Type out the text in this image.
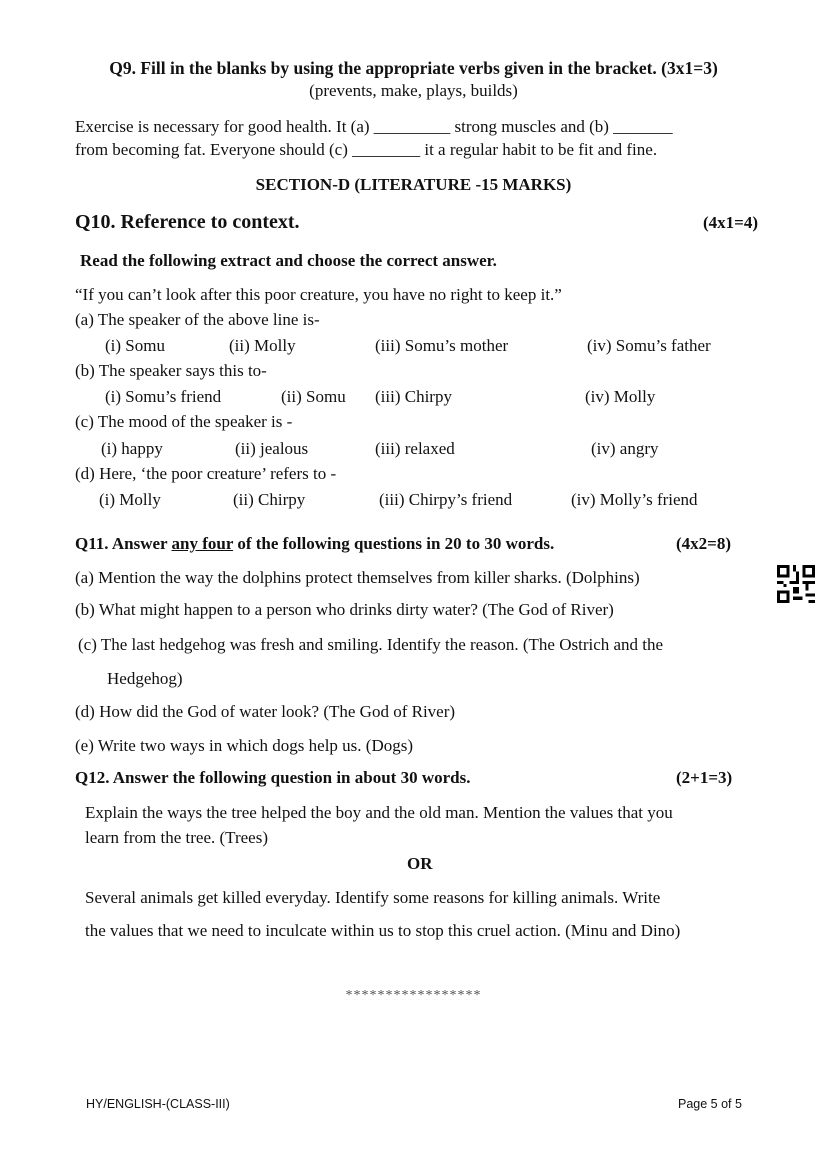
Q9. Fill in the blanks by using the appropriate verbs given in the bracket. (3x1=3)
(prevents, make, plays, builds)
Exercise is necessary for good health. It (a) _________ strong muscles and (b) _______
from becoming fat. Everyone should (c) ________ it a regular habit to be fit and fine.
SECTION-D (LITERATURE -15 MARKS)
Q10. Reference to context.	(4x1=4)
Read the following extract and choose the correct answer.
“If you can’t look after this poor creature, you have no right to keep it.”
(a) The speaker of the above line is-
(i) Somu	(ii) Molly	(iii) Somu’s mother	(iv) Somu’s father
(b) The speaker says this to-
(i) Somu’s friend	(ii) Somu (iii) Chirpy	(iv) Molly
(c) The mood of the speaker is -
(i) happy	(ii) jealous	(iii) relaxed	(iv) angry
(d) Here, ‘the poor creature’ refers to -
(i) Molly	(ii) Chirpy	(iii) Chirpy’s friend	(iv) Molly’s friend
Q11. Answer any four of the following questions in 20 to 30 words.	(4x2=8)
(a) Mention the way the dolphins protect themselves from killer sharks. (Dolphins)
(b) What might happen to a person who drinks dirty water? (The God of River)
(c) The last hedgehog was fresh and smiling. Identify the reason. (The Ostrich and the
Hedgehog)
(d) How did the God of water look? (The God of River)
(e) Write two ways in which dogs help us. (Dogs)
Q12. Answer the following question in about 30 words.	(2+1=3)
Explain the ways the tree helped the boy and the old man. Mention the values that you
learn from the tree. (Trees)
OR
Several animals get killed everyday. Identify some reasons for killing animals. Write
the values that we need to inculcate within us to stop this cruel action. (Minu and Dino)
*****************
HY/ENGLISH-(CLASS-III)	Page 5 of 5
